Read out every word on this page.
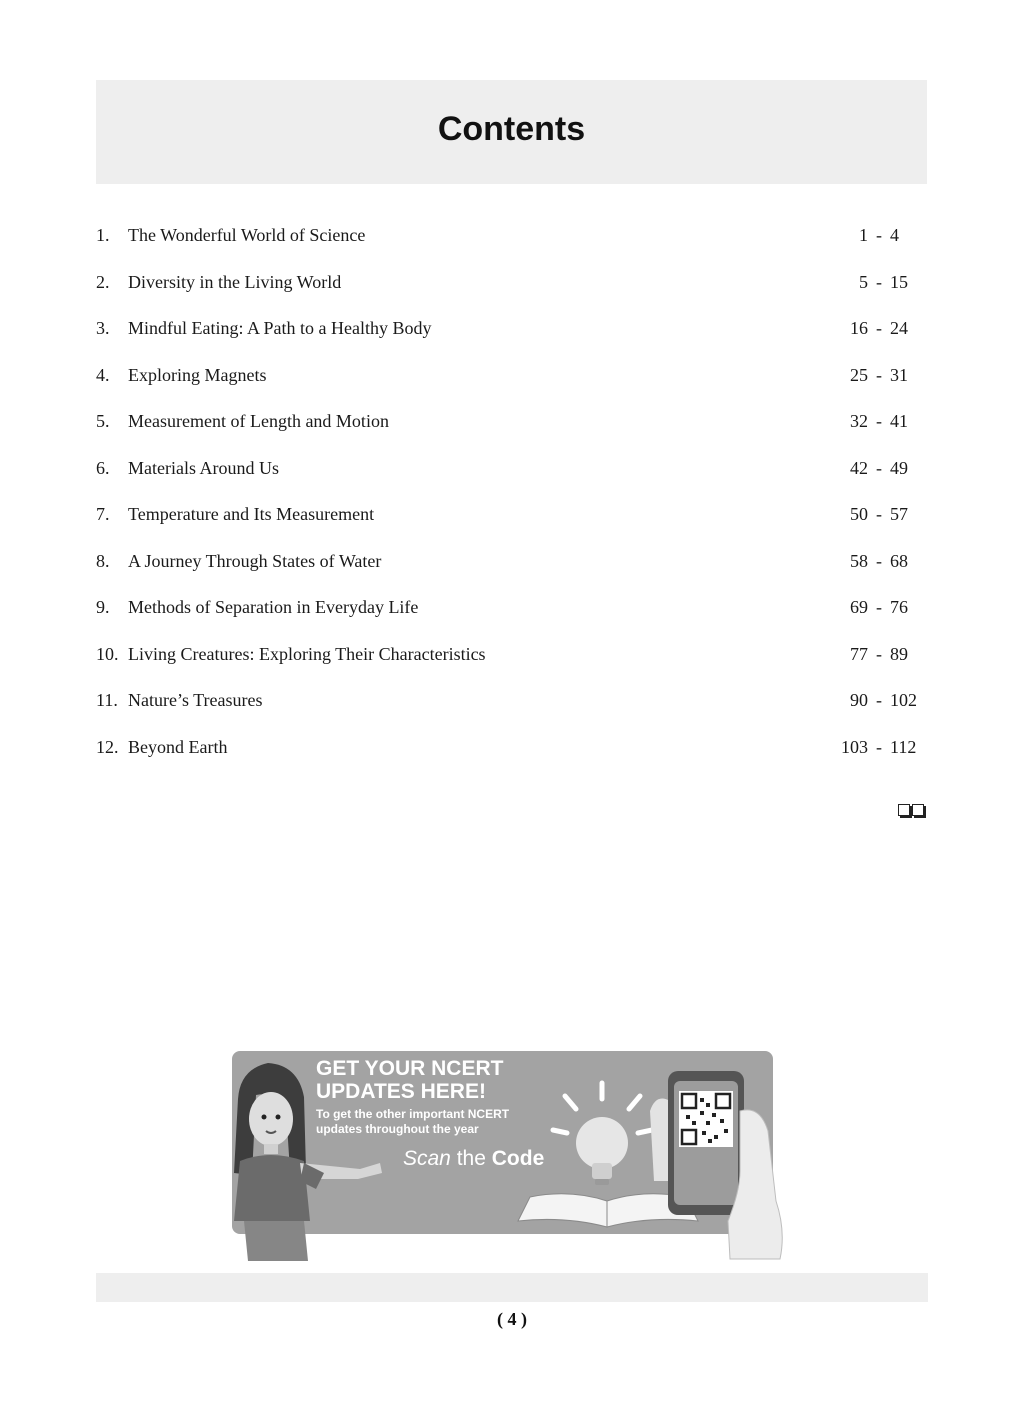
Contents
1. The Wonderful World of Science	1 - 4
2. Diversity in the Living World	5 - 15
3. Mindful Eating: A Path to a Healthy Body	16 - 24
4. Exploring Magnets	25 - 31
5. Measurement of Length and Motion	32 - 41
6. Materials Around Us	42 - 49
7. Temperature and Its Measurement	50 - 57
8. A Journey Through States of Water	58 - 68
9. Methods of Separation in Everyday Life	69 - 76
10. Living Creatures: Exploring Their Characteristics	77 - 89
11. Nature’s Treasures	90 - 102
12. Beyond Earth	103 - 112
GET YOUR NCERT UPDATES HERE!
To get the other important NCERT updates throughout the year
Scan the Code
( 4 )
